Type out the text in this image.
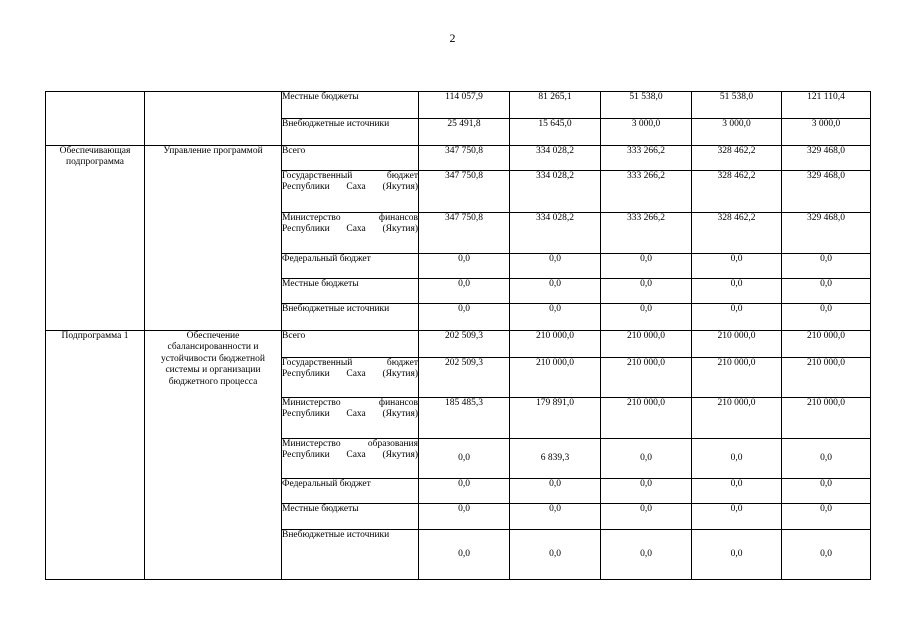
2

		Местные бюджеты	114 057,9	81 265,1	51 538,0	51 538,0	121 110,4

		Внебюджетные источники	25 491,8	15 645,0	3 000,0	3 000,0	3 000,0
Обеспечивающая подпрограмма	Управление программой	Всего	347 750,8	334 028,2	333 266,2	328 462,2	329 468,0

		Государственный бюджет Республики Саха (Якутия)	347 750,8	334 028,2	333 266,2	328 462,2	329 468,0

		Министерство финансов Республики Саха (Якутия)	347 750,8	334 028,2	333 266,2	328 462,2	329 468,0

		Федеральный бюджет	0,0	0,0	0,0	0,0	0,0

		Местные бюджеты	0,0	0,0	0,0	0,0	0,0

		Внебюджетные источники	0,0	0,0	0,0	0,0	0,0
Подпрограмма 1	Обеспечение сбалансированности и устойчивости бюджетной системы и организации бюджетного процесса	Всего	202 509,3	210 000,0	210 000,0	210 000,0	210 000,0

		Государственный бюджет Республики Саха (Якутия)	202 509,3	210 000,0	210 000,0	210 000,0	210 000,0

		Министерство финансов Республики Саха (Якутия)	185 485,3	179 891,0	210 000,0	210 000,0	210 000,0

		Министерство образования Республики Саха (Якутия)	0,0	6 839,3	0,0	0,0	0,0

		Федеральный бюджет	0,0	0,0	0,0	0,0	0,0

		Местные бюджеты	0,0	0,0	0,0	0,0	0,0

		Внебюджетные источники	0,0	0,0	0,0	0,0	0,0
